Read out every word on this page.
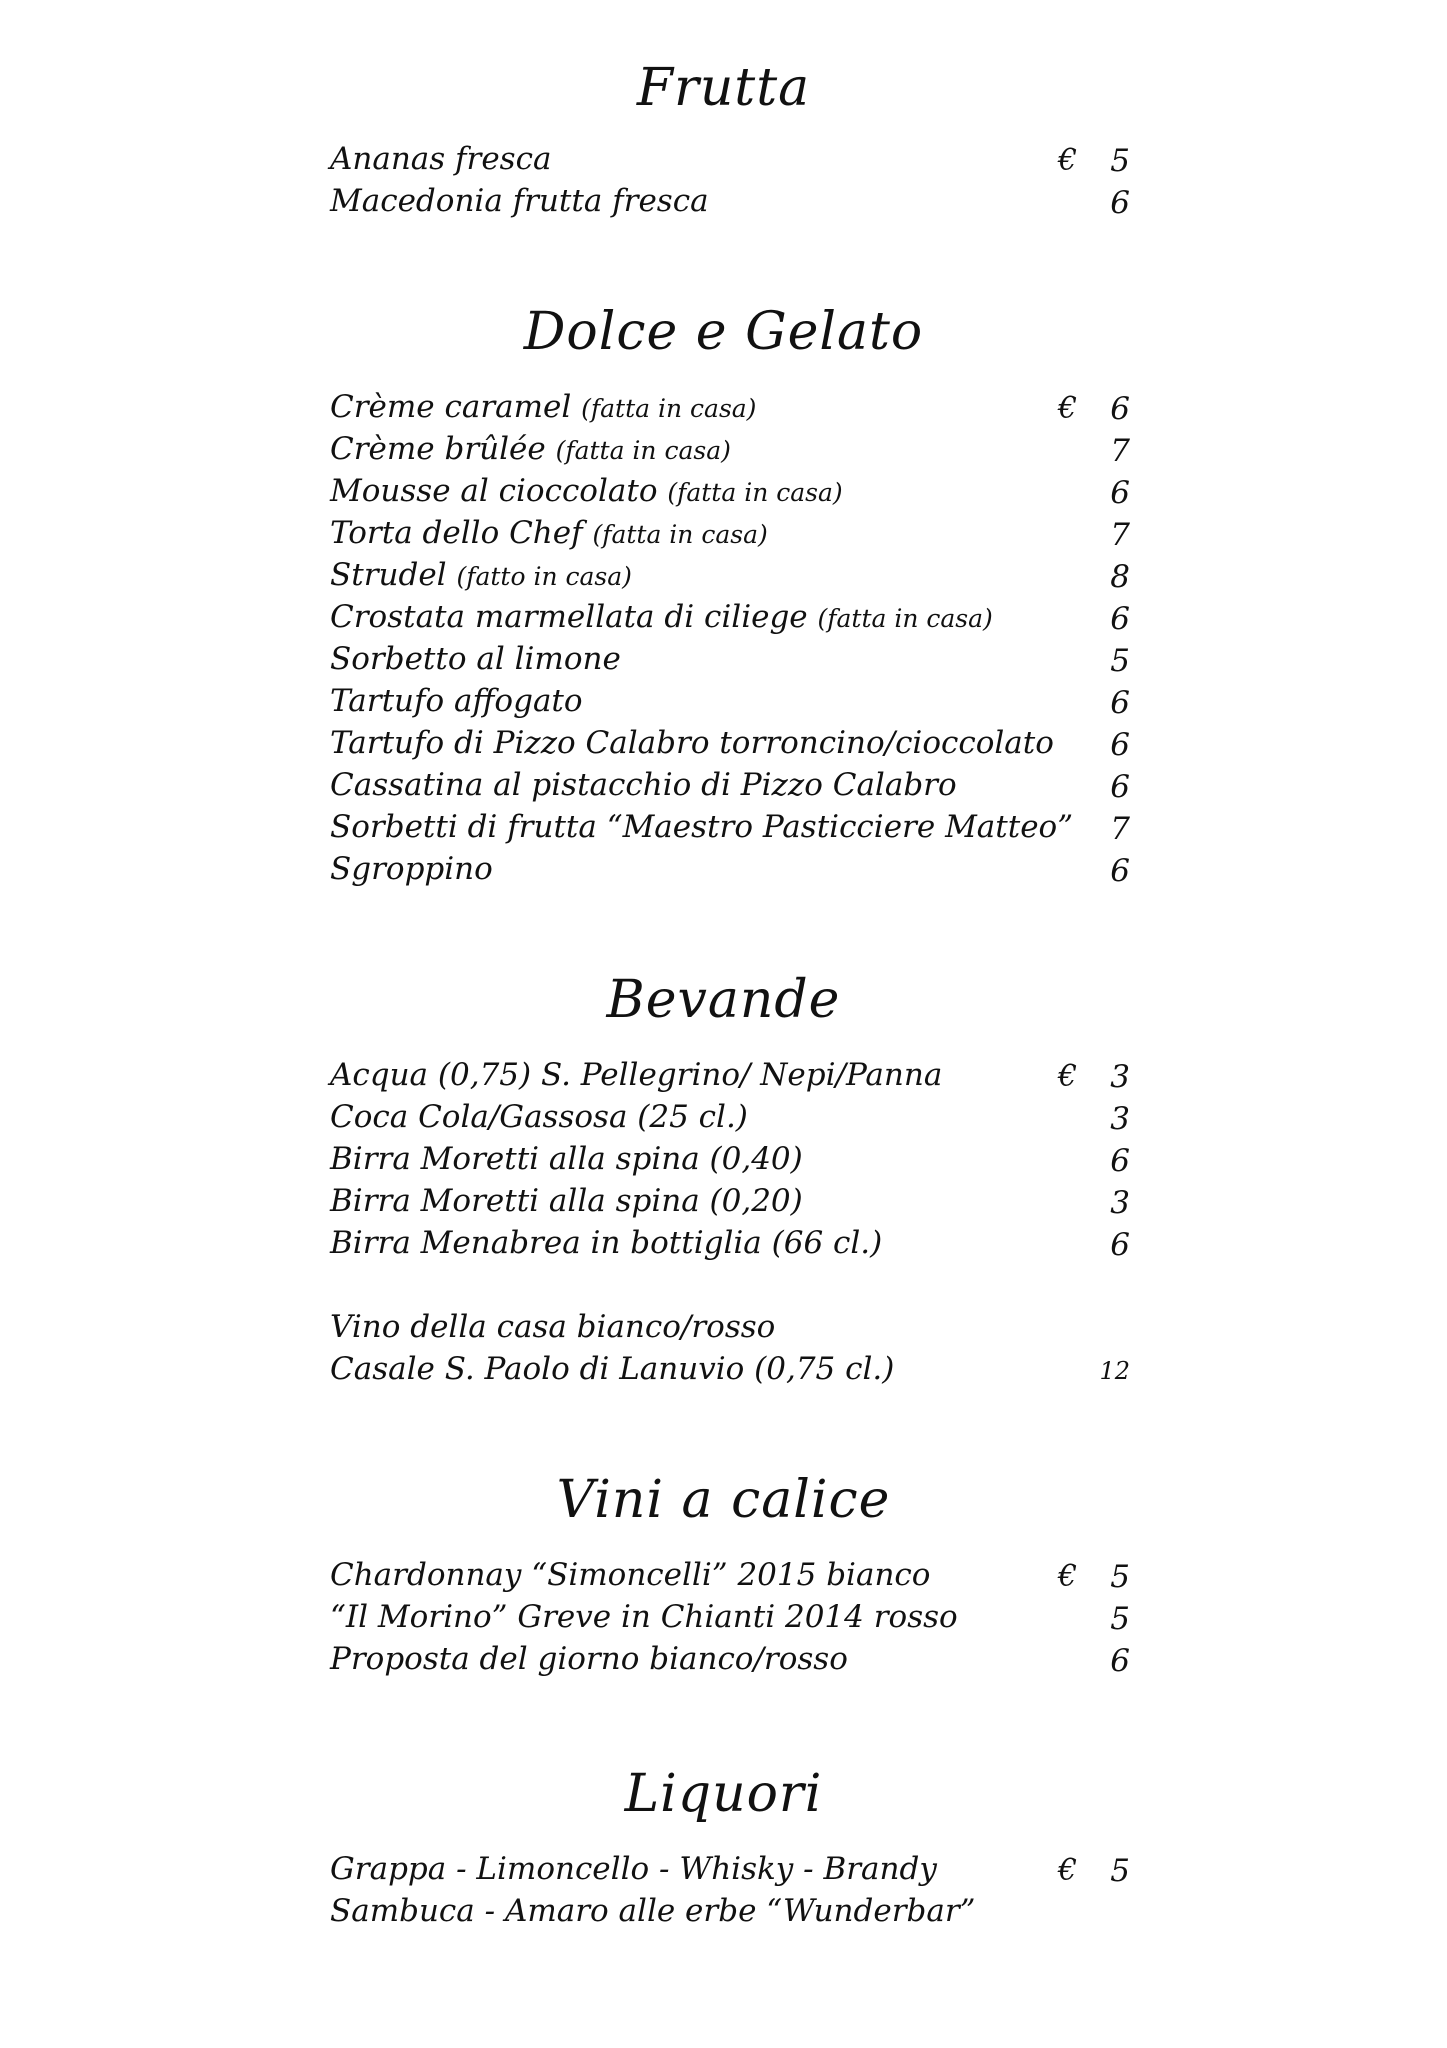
Frutta
Ananas fresca	€	5
Macedonia frutta fresca	6
Dolce e Gelato
Crème caramel (fatta in casa)	€	6
Crème brûlée (fatta in casa)	7
Mousse al cioccolato (fatta in casa)	6
Torta dello Chef (fatta in casa)	7
Strudel (fatto in casa)	8
Crostata marmellata di ciliege (fatta in casa)	6
Sorbetto al limone	5
Tartufo affogato	6
Tartufo di Pizzo Calabro torroncino/cioccolato	6
Cassatina al pistacchio di Pizzo Calabro	6
Sorbetti di frutta “Maestro Pasticciere Matteo”	7
Sgroppino	6
Bevande
Acqua (0,75) S. Pellegrino/ Nepi/Panna	€	3
Coca Cola/Gassosa (25 cl.)	3
Birra Moretti alla spina (0,40)	6
Birra Moretti alla spina (0,20)	3
Birra Menabrea in bottiglia (66 cl.)	6
Vino della casa bianco/rosso
Casale S. Paolo di Lanuvio (0,75 cl.)	12
Vini a calice
Chardonnay “Simoncelli” 2015 bianco	€	5
“Il Morino” Greve in Chianti 2014 rosso	5
Proposta del giorno bianco/rosso	6
Liquori
Grappa - Limoncello - Whisky - Brandy	€	5
Sambuca - Amaro alle erbe “Wunderbar”
